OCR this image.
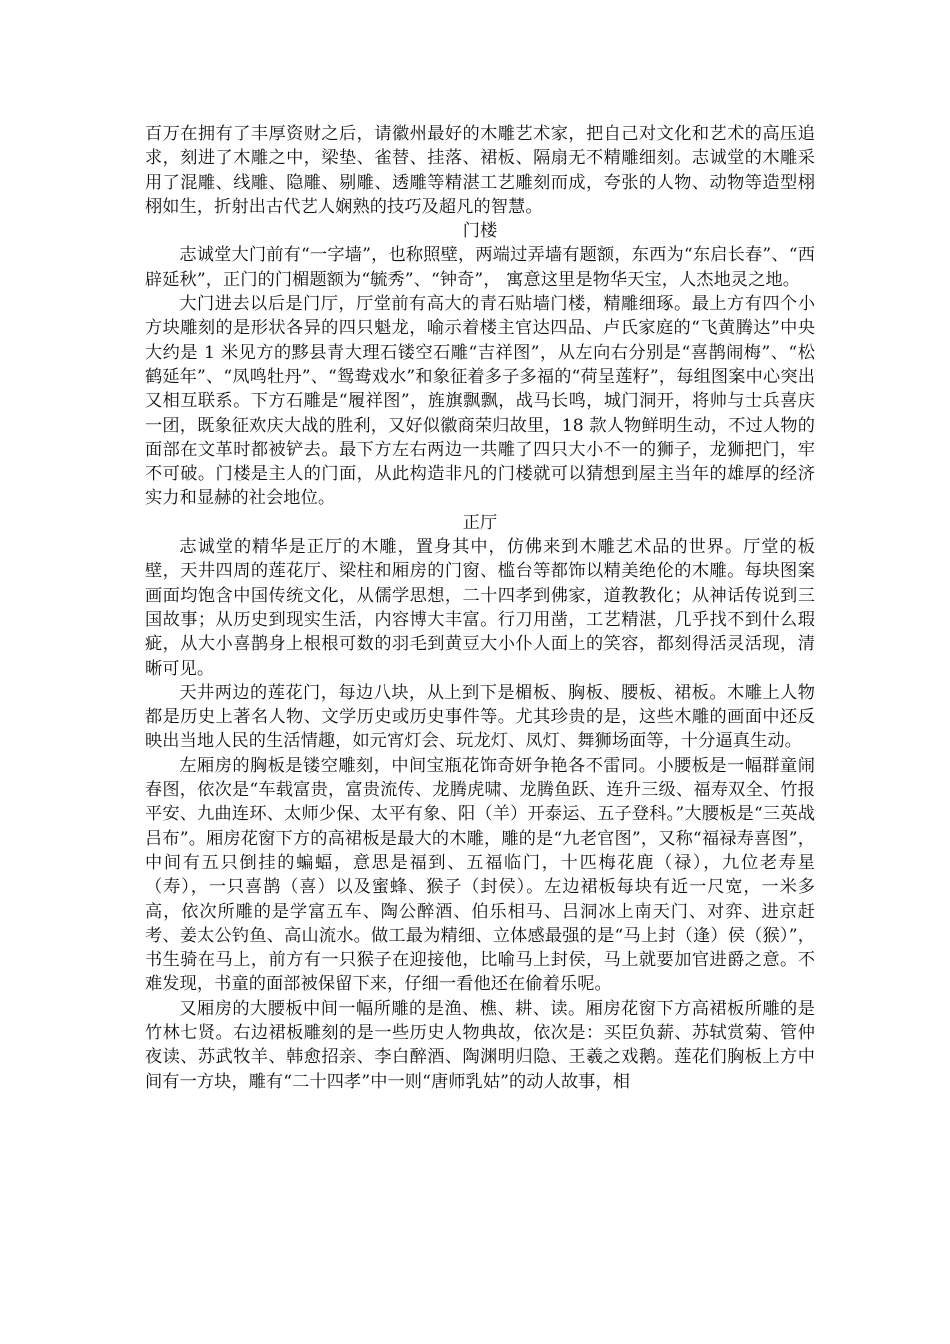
百万在拥有了丰厚资财之后，请徽州最好的木雕艺术家，把自己对文化和艺术的高压追求，刻进了木雕之中，梁垫、雀替、挂落、裙板、隔扇无不精雕细刻。志诚堂的木雕采用了混雕、线雕、隐雕、剔雕、透雕等精湛工艺雕刻而成，夸张的人物、动物等造型栩栩如生，折射出古代艺人娴熟的技巧及超凡的智慧。

门楼

志诚堂大门前有“一字墙”，也称照壁，两端过弄墙有题额，东西为“东启长春”、“西辟延秋”，正门的门楣题额为“毓秀”、“钟奇”， 寓意这里是物华天宝，人杰地灵之地。

大门进去以后是门厅，厅堂前有高大的青石贴墙门楼，精雕细琢。最上方有四个小方块雕刻的是形状各异的四只魁龙，喻示着楼主官达四品、卢氏家庭的“飞黄腾达”中央大约是 1 米见方的黟县青大理石镂空石雕“吉祥图”，从左向右分别是“喜鹊闹梅”、“松鹤延年”、“凤鸣牡丹”、“鸳鸯戏水”和象征着多子多福的“荷呈莲籽”，每组图案中心突出又相互联系。下方石雕是“履祥图”，旌旗飘飘，战马长鸣，城门洞开，将帅与士兵喜庆一团，既象征欢庆大战的胜利，又好似徽商荣归故里，18 款人物鲜明生动，不过人物的面部在文革时都被铲去。最下方左右两边一共雕了四只大小不一的狮子，龙狮把门，牢不可破。门楼是主人的门面，从此构造非凡的门楼就可以猜想到屋主当年的雄厚的经济实力和显赫的社会地位。

正厅

志诚堂的精华是正厅的木雕，置身其中，仿佛来到木雕艺术品的世界。厅堂的板壁，天井四周的莲花厅、梁柱和厢房的门窗、槛台等都饰以精美绝伦的木雕。每块图案画面均饱含中国传统文化，从儒学思想，二十四孝到佛家，道教教化；从神话传说到三国故事；从历史到现实生活，内容博大丰富。行刀用凿，工艺精湛，几乎找不到什么瑕疵，从大小喜鹊身上根根可数的羽毛到黄豆大小仆人面上的笑容，都刻得活灵活现，清晰可见。

天井两边的莲花门，每边八块，从上到下是楣板、胸板、腰板、裙板。木雕上人物都是历史上著名人物、文学历史或历史事件等。尤其珍贵的是，这些木雕的画面中还反映出当地人民的生活情趣，如元宵灯会、玩龙灯、凤灯、舞狮场面等，十分逼真生动。

左厢房的胸板是镂空雕刻，中间宝瓶花饰奇妍争艳各不雷同。小腰板是一幅群童闹春图，依次是“车载富贵，富贵流传、龙腾虎啸、龙腾鱼跃、连升三级、福寿双全、竹报平安、九曲连环、太师少保、太平有象、阳（羊）开泰运、五子登科。”大腰板是“三英战吕布”。厢房花窗下方的高裙板是最大的木雕，雕的是“九老官图”，又称“福禄寿喜图”，中间有五只倒挂的蝙蝠，意思是福到、五福临门，十匹梅花鹿（禄），九位老寿星（寿），一只喜鹊（喜）以及蜜蜂、猴子（封侯）。左边裙板每块有近一尺宽，一米多高，依次所雕的是学富五车、陶公醉酒、伯乐相马、吕洞冰上南天门、对弈、进京赶考、姜太公钓鱼、高山流水。做工最为精细、立体感最强的是“马上封（逢）侯（猴）”，书生骑在马上，前方有一只猴子在迎接他，比喻马上封侯，马上就要加官进爵之意。不难发现，书童的面部被保留下来，仔细一看他还在偷着乐呢。

又厢房的大腰板中间一幅所雕的是渔、樵、耕、读。厢房花窗下方高裙板所雕的是竹林七贤。右边裙板雕刻的是一些历史人物典故，依次是：买臣负薪、苏轼赏菊、管仲夜读、苏武牧羊、韩愈招亲、李白醉酒、陶渊明归隐、王羲之戏鹅。莲花们胸板上方中间有一方块，雕有“二十四孝”中一则“唐师乳姑”的动人故事，相
